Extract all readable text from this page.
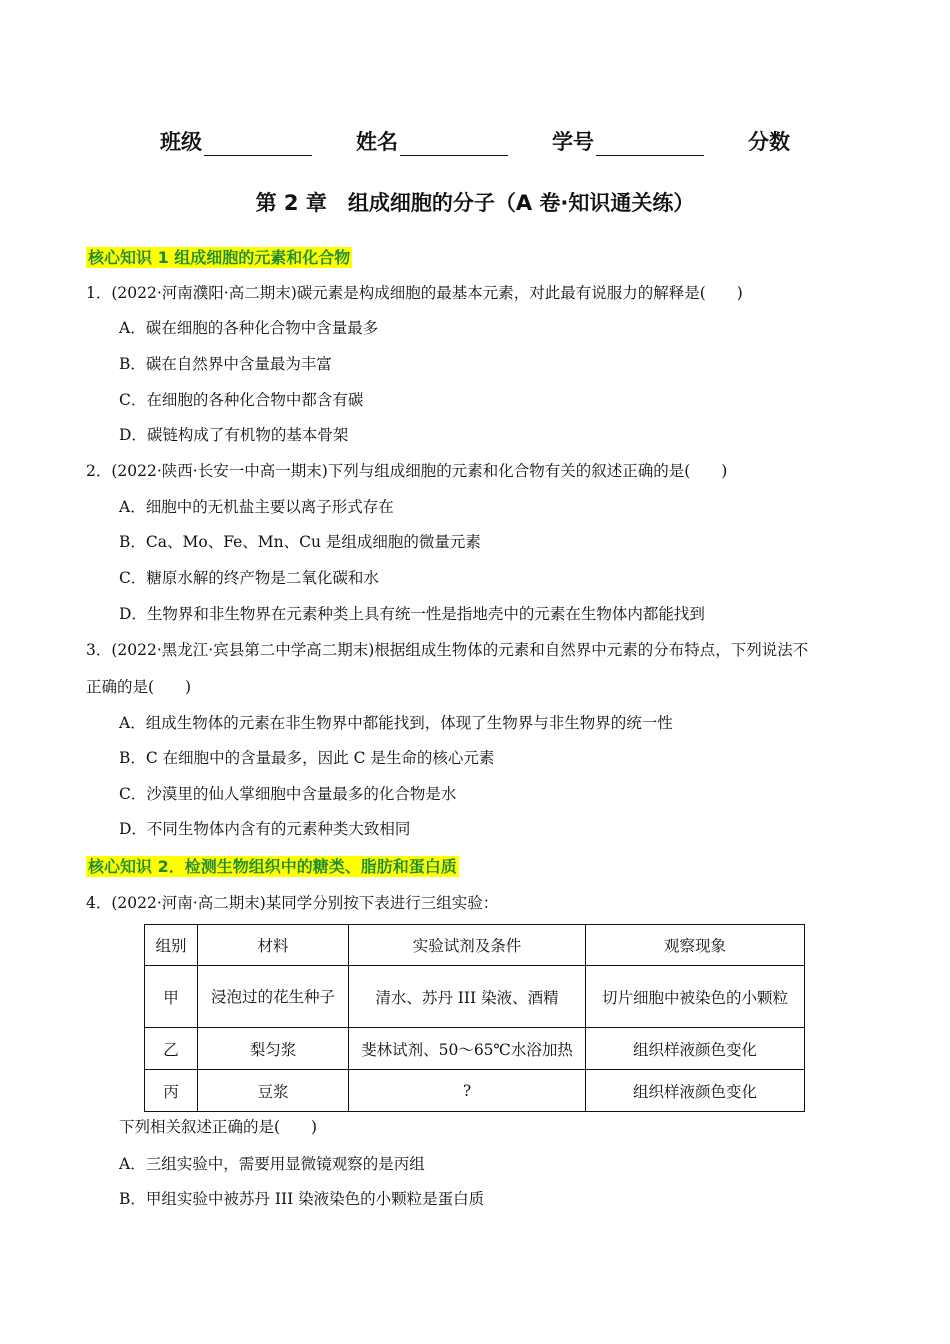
班级	姓名	学号	分数
第 2 章　组成细胞的分子（A 卷·知识通关练）
核心知识 1 组成细胞的元素和化合物
1．(2022·河南濮阳·高二期末)碳元素是构成细胞的最基本元素，对此最有说服力的解释是(　　)
A．碳在细胞的各种化合物中含量最多
B．碳在自然界中含量最为丰富
C．在细胞的各种化合物中都含有碳
D．碳链构成了有机物的基本骨架
2．(2022·陕西·长安一中高一期末)下列与组成细胞的元素和化合物有关的叙述正确的是(　　)
A．细胞中的无机盐主要以离子形式存在
B．Ca、Mo、Fe、Mn、Cu 是组成细胞的微量元素
C．糖原水解的终产物是二氧化碳和水
D．生物界和非生物界在元素种类上具有统一性是指地壳中的元素在生物体内都能找到
3．(2022·黑龙江·宾县第二中学高二期末)根据组成生物体的元素和自然界中元素的分布特点，下列说法不
正确的是(　　)
A．组成生物体的元素在非生物界中都能找到，体现了生物界与非生物界的统一性
B．C 在细胞中的含量最多，因此 C 是生命的核心元素
C．沙漠里的仙人掌细胞中含量最多的化合物是水
D．不同生物体内含有的元素种类大致相同
核心知识 2．检测生物组织中的糖类、脂肪和蛋白质
4．(2022·河南·高二期末)某同学分别按下表进行三组实验：
组别	材料	实验试剂及条件	观察现象
甲	浸泡过的花生种子	清水、苏丹 III 染液、酒精	切片细胞中被染色的小颗粒
乙	梨匀浆	斐林试剂、50～65℃水浴加热	组织样液颜色变化
丙	豆浆	?	组织样液颜色变化
下列相关叙述正确的是(　　)
A．三组实验中，需要用显微镜观察的是丙组
B．甲组实验中被苏丹 III 染液染色的小颗粒是蛋白质
